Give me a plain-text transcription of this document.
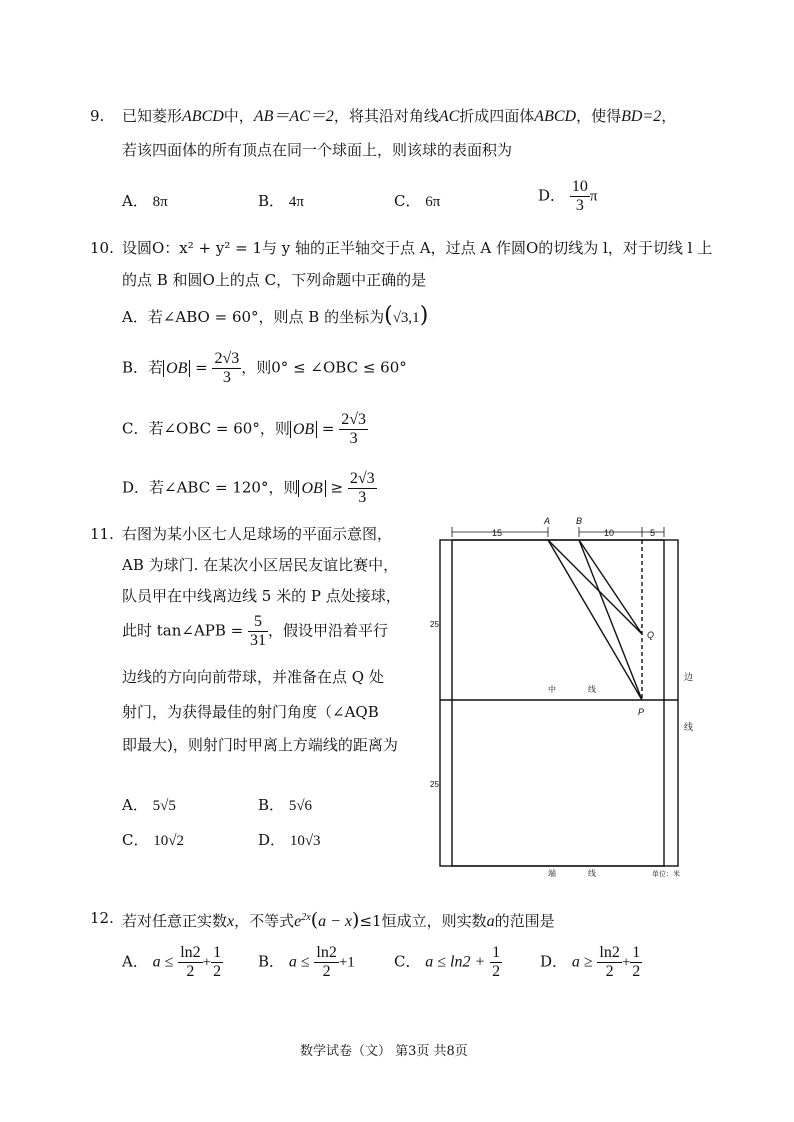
9. 已知菱形ABCD中，AB＝AC＝2，将其沿对角线AC折成四面体ABCD，使得BD=2，
若该四面体的所有顶点在同一个球面上，则该球的表面积为
A． 8π	B． 4π	C． 6π	D． $\frac{10}{3}$ π
10. 设圆O：x² + y² = 1与 y 轴的正半轴交于点 A，过点 A 作圆O的切线为 l，对于切线 l 上
的点 B 和圆O上的点 C，下列命题中正确的是
A．若∠ABO = 60°，则点 B 的坐标为(√3,1)
B．若 OB = $\frac{2√3}{3}$ ，则0° ≤ ∠OBC ≤ 60°
C．若∠OBC = 60°，则 OB = $\frac{2√3}{3}$
D．若∠ABC = 120°，则 OB ≥ $\frac{2√3}{3}$
11. 右图为某小区七人足球场的平面示意图，
AB 为球门. 在某次小区居民友谊比赛中，
队员甲在中线离边线 5 米的 P 点处接球，
此时 tan∠APB = $\frac{5}{31}$ ，假设甲沿着平行
边线的方向向前带球，并准备在点 Q 处
射门，为获得最佳的射门角度（∠AQB
即最大)，则射门时甲离上方端线的距离为
A． 5√5	B． 5√6
C． 10√2	D． 10√3
15	10	5
A	B
Q
P
25
25
中	线
边
线
端	线	单位：米
12. 若对任意正实数x，不等式$e^{2x}(a - x)\le 1$恒成立，则实数a的范围是
A． $a \le \frac{\ln 2}{2} + \frac{1}{2}$ B． $a \le \frac{\ln 2}{2} +1$	C． $a \le \ln 2 + \frac{1}{2}$	D． $a \ge \frac{\ln 2}{2} + \frac{1}{2}$
数学试卷（文） 第3页 共8页
